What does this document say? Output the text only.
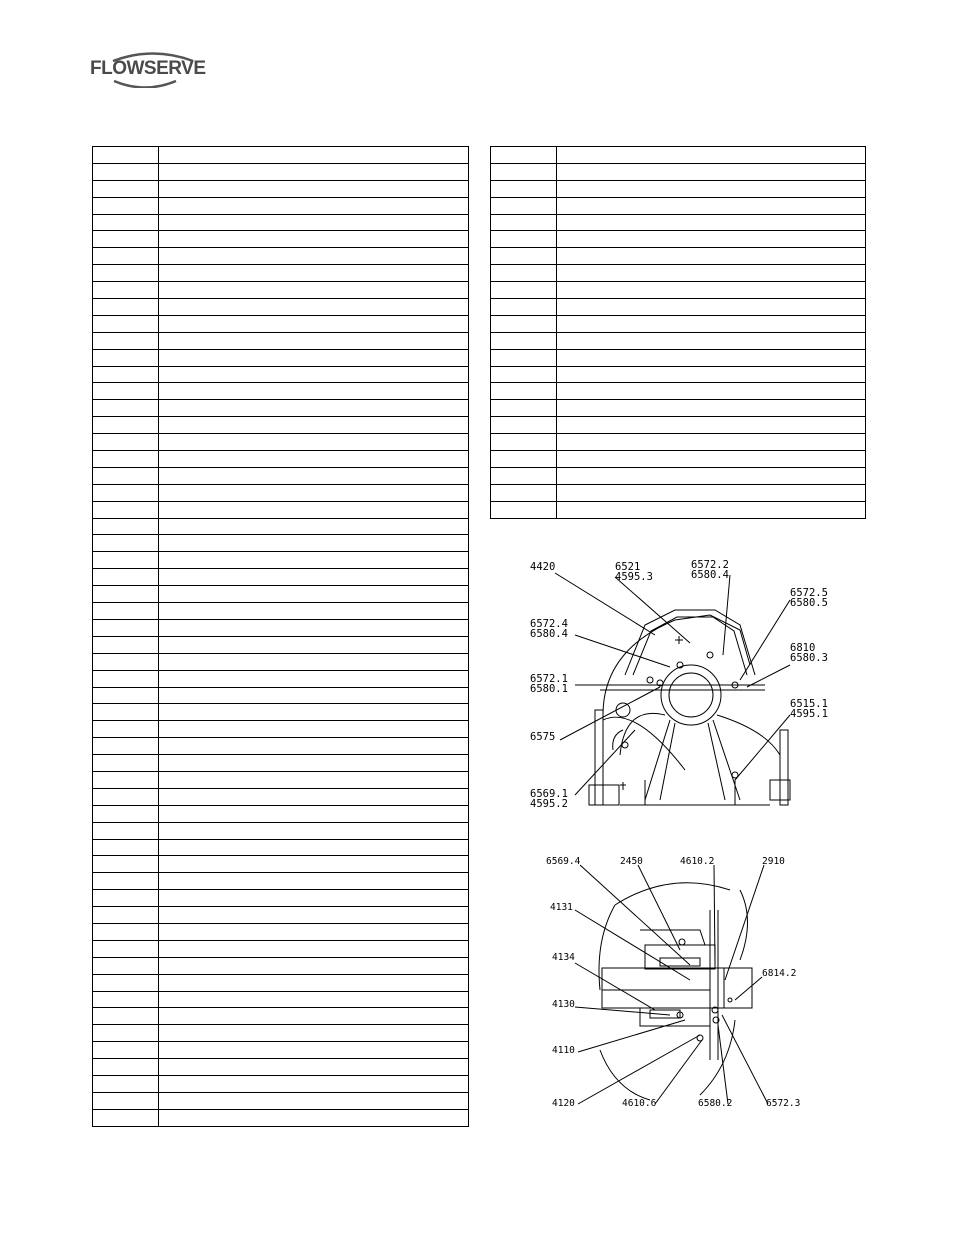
FLOWSERVE

4420	6521
4595.3
6572.2
6580.4
6572.5
6580.5
6572.4
6580.4
6810
6580.3
6572.1
6580.1
6515.1
4595.1
6575
6569.1
4595.2
6569.4	2450	4610.2	2910
4131
4134
6814.2
4130
4110
4120	4610.6	6580.2	6572.3
